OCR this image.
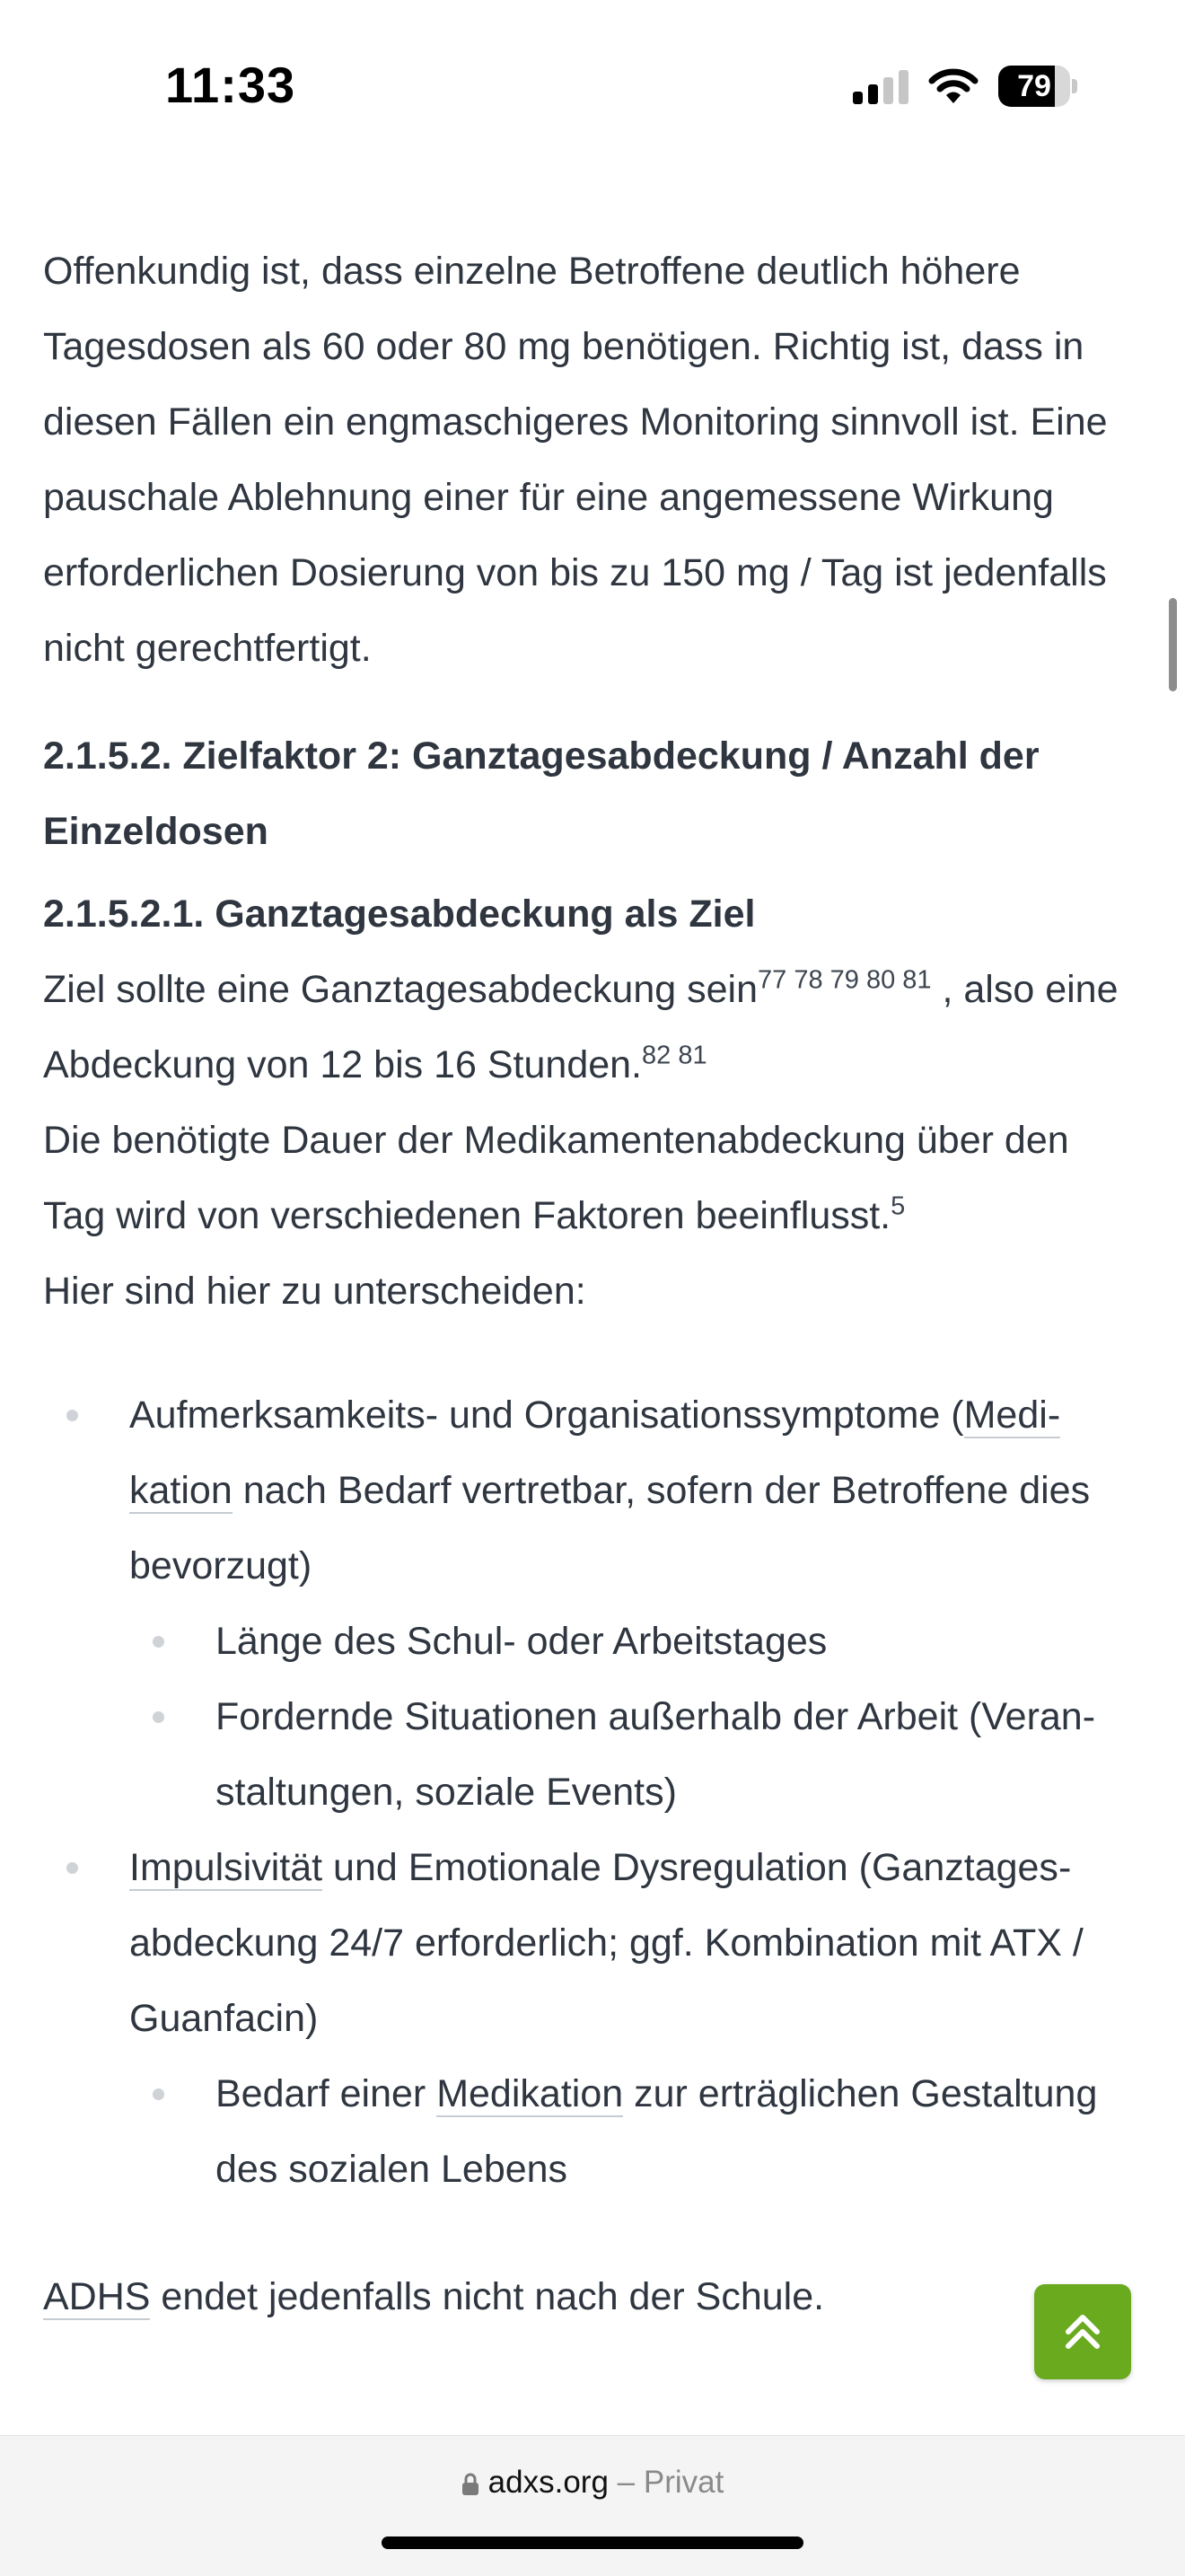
11:33	79

Offenkundig ist, dass einzelne Betroffene deutlich höhere Tagesdosen als 60 oder 80 mg benötigen. Richtig ist, dass in diesen Fällen ein engmaschigeres Monitoring sinnvoll ist. Eine pauschale Ablehnung einer für eine angemessene Wirkung erforderlichen Dosierung von bis zu 150 mg / Tag ist jedenfalls nicht gerechtfertigt.

2.1.5.2. Zielfaktor 2: Ganztagesabdeckung / Anzahl der Einzeldosen
2.1.5.2.1. Ganztagesabdeckung als Ziel

Ziel sollte eine Ganztagesabdeckung sein$^{77 78 79 80 81}$ , also eine Abdeckung von 12 bis 16 Stunden.$^{82 81}$

Die benötigte Dauer der Medikamentenabdeckung über den Tag wird von verschiedenen Faktoren beeinflusst.$^5$

Hier sind hier zu unterscheiden:

Aufmerksamkeits- und Organisationssymptome (Medikation nach Bedarf vertretbar, sofern der Betroffene dies bevorzugt)
Länge des Schul- oder Arbeitstages
Fordernde Situationen außerhalb der Arbeit (Veranstaltungen, soziale Events)
Impulsivität und Emotionale Dysregulation (Ganztagesabdeckung 24/7 erforderlich; ggf. Kombination mit ATX / Guanfacin)
Bedarf einer Medikation zur erträglichen Gestaltung des sozialen Lebens

ADHS endet jedenfalls nicht nach der Schule.

adxs.org – Privat
